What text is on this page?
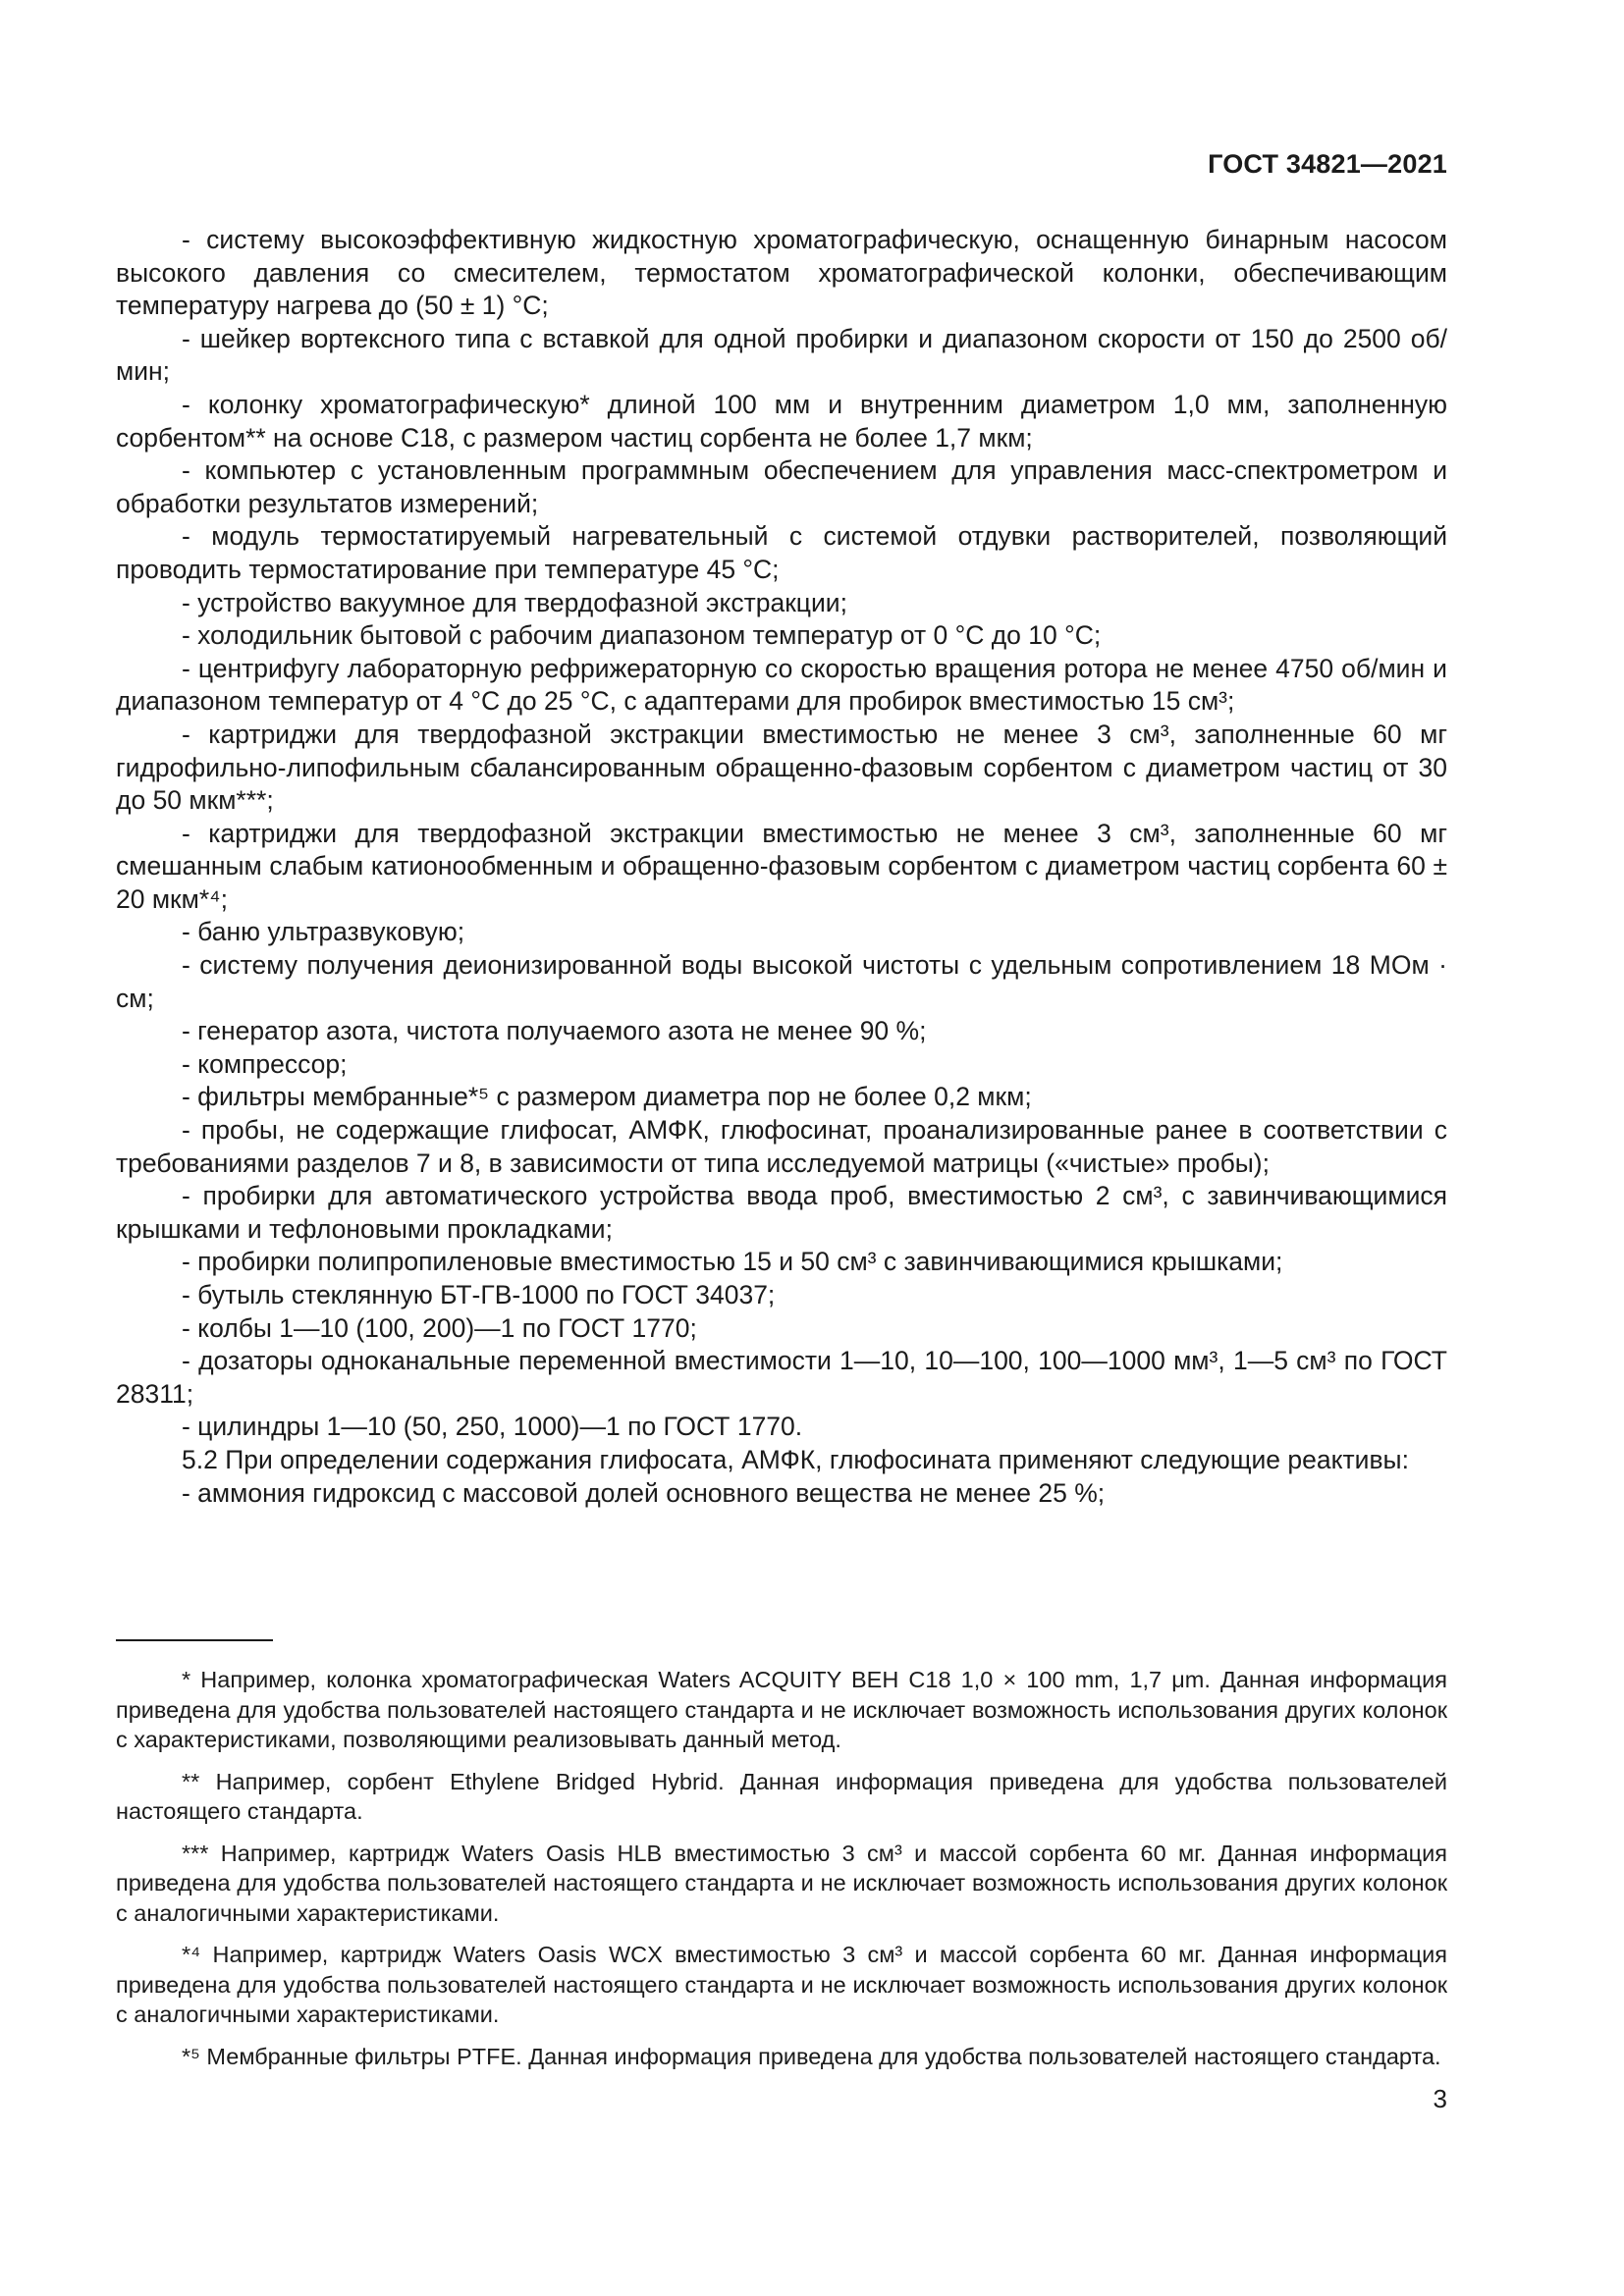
ГОСТ 34821—2021

- систему высокоэффективную жидкостную хроматографическую, оснащенную бинарным насосом высокого давления со смесителем, термостатом хроматографической колонки, обеспечивающим температуру нагрева до (50 ± 1) °С;

- шейкер вортексного типа с вставкой для одной пробирки и диапазоном скорости от 150 до 2500 об/мин;

- колонку хроматографическую* длиной 100 мм и внутренним диаметром 1,0 мм, заполненную сорбентом** на основе С18, с размером частиц сорбента не более 1,7 мкм;

- компьютер с установленным программным обеспечением для управления масс-спектрометром и обработки результатов измерений;

- модуль термостатируемый нагревательный с системой отдувки растворителей, позволяющий проводить термостатирование при температуре 45 °С;

- устройство вакуумное для твердофазной экстракции;

- холодильник бытовой с рабочим диапазоном температур от 0 °С до 10 °С;

- центрифугу лабораторную рефрижераторную со скоростью вращения ротора не менее 4750 об/мин и диапазоном температур от 4 °С до 25 °С, с адаптерами для пробирок вместимостью 15 см³;

- картриджи для твердофазной экстракции вместимостью не менее 3 см³, заполненные 60 мг гидрофильно-липофильным сбалансированным обращенно-фазовым сорбентом с диаметром частиц от 30 до 50 мкм***;

- картриджи для твердофазной экстракции вместимостью не менее 3 см³, заполненные 60 мг смешанным слабым катионообменным и обращенно-фазовым сорбентом с диаметром частиц сорбента 60 ± 20 мкм*⁴;

- баню ультразвуковую;

- систему получения деионизированной воды высокой чистоты с удельным сопротивлением 18 МОм · см;

- генератор азота, чистота получаемого азота не менее 90 %;

- компрессор;

- фильтры мембранные*⁵ с размером диаметра пор не более 0,2 мкм;

- пробы, не содержащие глифосат, АМФК, глюфосинат, проанализированные ранее в соответствии с требованиями разделов 7 и 8, в зависимости от типа исследуемой матрицы («чистые» пробы);

- пробирки для автоматического устройства ввода проб, вместимостью 2 см³, с завинчивающимися крышками и тефлоновыми прокладками;

- пробирки полипропиленовые вместимостью 15 и 50 см³ с завинчивающимися крышками;

- бутыль стеклянную БТ-ГВ-1000 по ГОСТ 34037;

- колбы 1—10 (100, 200)—1 по ГОСТ 1770;

- дозаторы одноканальные переменной вместимости 1—10, 10—100, 100—1000 мм³, 1—5 см³ по ГОСТ 28311;

- цилиндры 1—10 (50, 250, 1000)—1 по ГОСТ 1770.

5.2 При определении содержания глифосата, АМФК, глюфосината применяют следующие реактивы:

- аммония гидроксид с массовой долей основного вещества не менее 25 %;

* Например, колонка хроматографическая Waters ACQUITY BEH C18 1,0 × 100 mm, 1,7 μm. Данная информация приведена для удобства пользователей настоящего стандарта и не исключает возможность использования других колонок с характеристиками, позволяющими реализовывать данный метод.

** Например, сорбент Ethylene Bridged Hybrid. Данная информация приведена для удобства пользователей настоящего стандарта.

*** Например, картридж Waters Oasis HLB вместимостью 3 см³ и массой сорбента 60 мг. Данная информация приведена для удобства пользователей настоящего стандарта и не исключает возможность использования других колонок с аналогичными характеристиками.

*⁴ Например, картридж Waters Oasis WCX вместимостью 3 см³ и массой сорбента 60 мг. Данная информация приведена для удобства пользователей настоящего стандарта и не исключает возможность использования других колонок с аналогичными характеристиками.

*⁵ Мембранные фильтры PTFE. Данная информация приведена для удобства пользователей настоящего стандарта.

3
